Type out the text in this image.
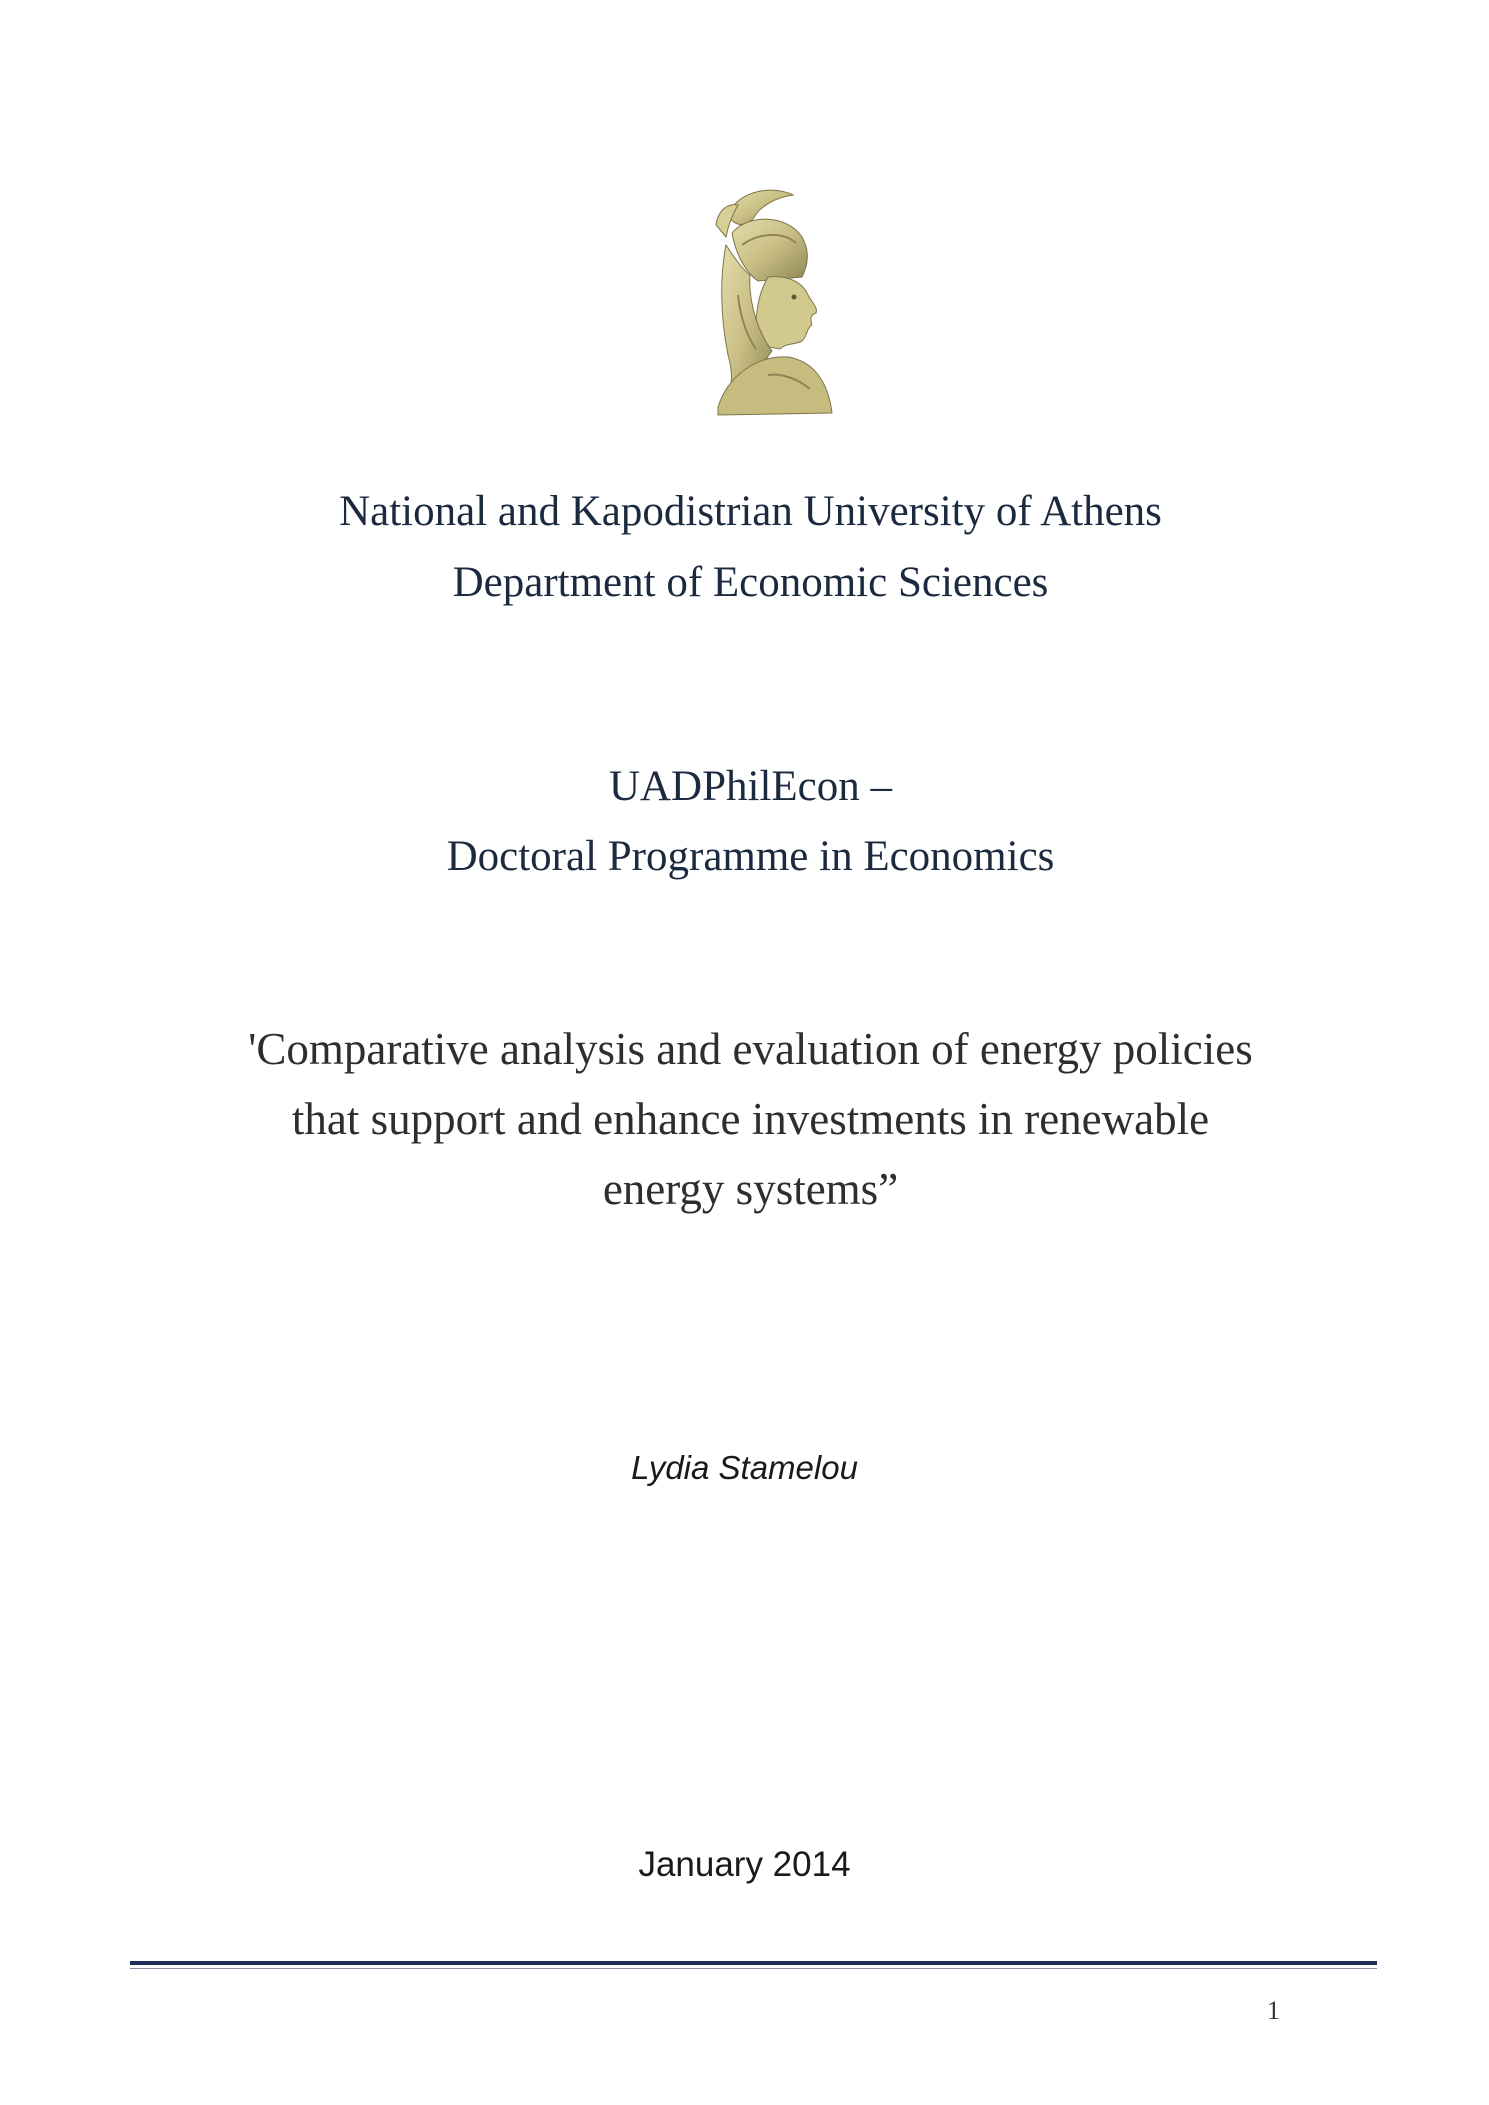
National and Kapodistrian University of Athens
Department of Economic Sciences
UADPhilEcon –
Doctoral Programme in Economics
'Comparative analysis and evaluation of energy policies
that support and enhance investments in renewable
energy systems”
Lydia Stamelou
January 2014
1
